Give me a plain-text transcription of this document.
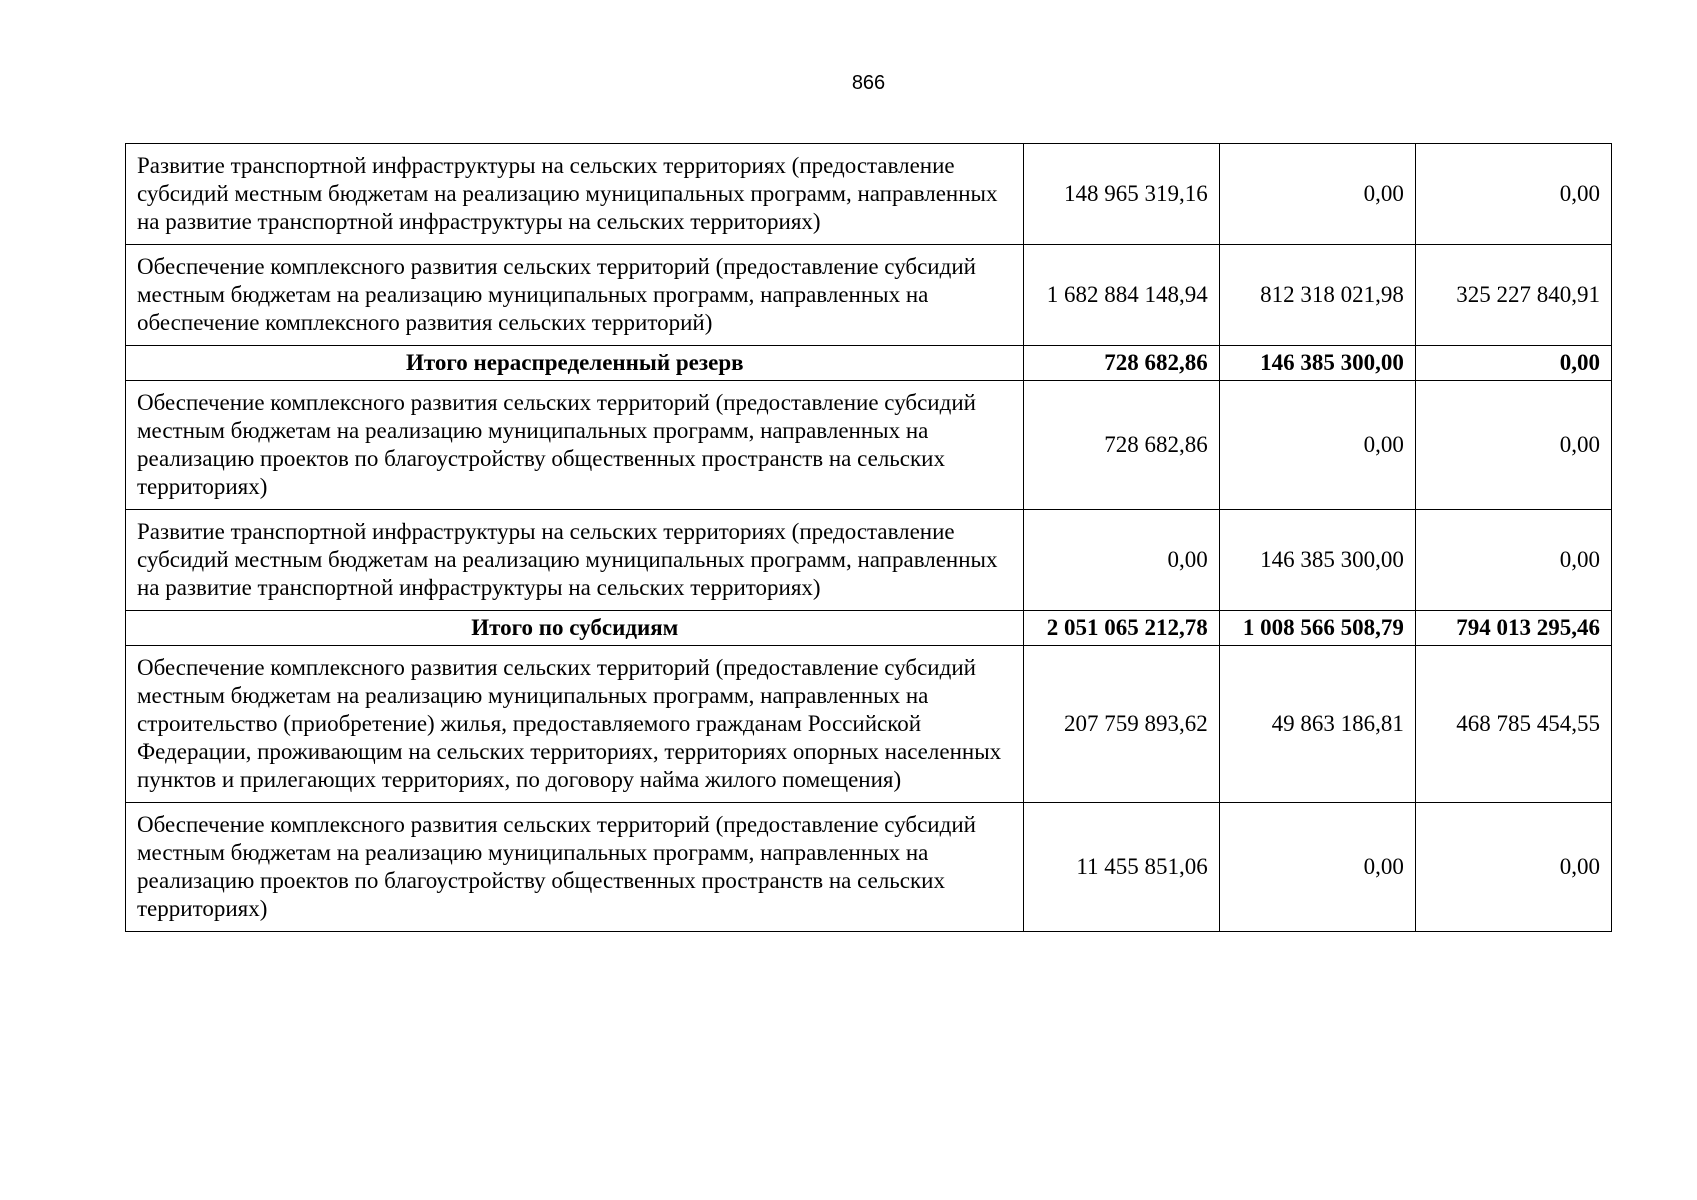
866
Развитие транспортной инфраструктуры на сельских территориях (предоставление субсидий местным бюджетам на реализацию муниципальных программ, направленных на развитие транспортной инфраструктуры на сельских территориях)	148 965 319,16	0,00	0,00
Обеспечение комплексного развития сельских территорий (предоставление субсидий местным бюджетам на реализацию муниципальных программ, направленных на обеспечение комплексного развития сельских территорий)	1 682 884 148,94	812 318 021,98	325 227 840,91
Итого нераспределенный резерв	728 682,86	146 385 300,00	0,00
Обеспечение комплексного развития сельских территорий (предоставление субсидий местным бюджетам на реализацию муниципальных программ, направленных на реализацию проектов по благоустройству общественных пространств на сельских территориях)	728 682,86	0,00	0,00
Развитие транспортной инфраструктуры на сельских территориях (предоставление субсидий местным бюджетам на реализацию муниципальных программ, направленных на развитие транспортной инфраструктуры на сельских территориях)	0,00	146 385 300,00	0,00
Итого по субсидиям	2 051 065 212,78	1 008 566 508,79	794 013 295,46
Обеспечение комплексного развития сельских территорий (предоставление субсидий местным бюджетам на реализацию муниципальных программ, направленных на строительство (приобретение) жилья, предоставляемого гражданам Российской Федерации, проживающим на сельских территориях, территориях опорных населенных пунктов и прилегающих территориях, по договору найма жилого помещения)	207 759 893,62	49 863 186,81	468 785 454,55
Обеспечение комплексного развития сельских территорий (предоставление субсидий местным бюджетам на реализацию муниципальных программ, направленных на реализацию проектов по благоустройству общественных пространств на сельских территориях)	11 455 851,06	0,00	0,00
